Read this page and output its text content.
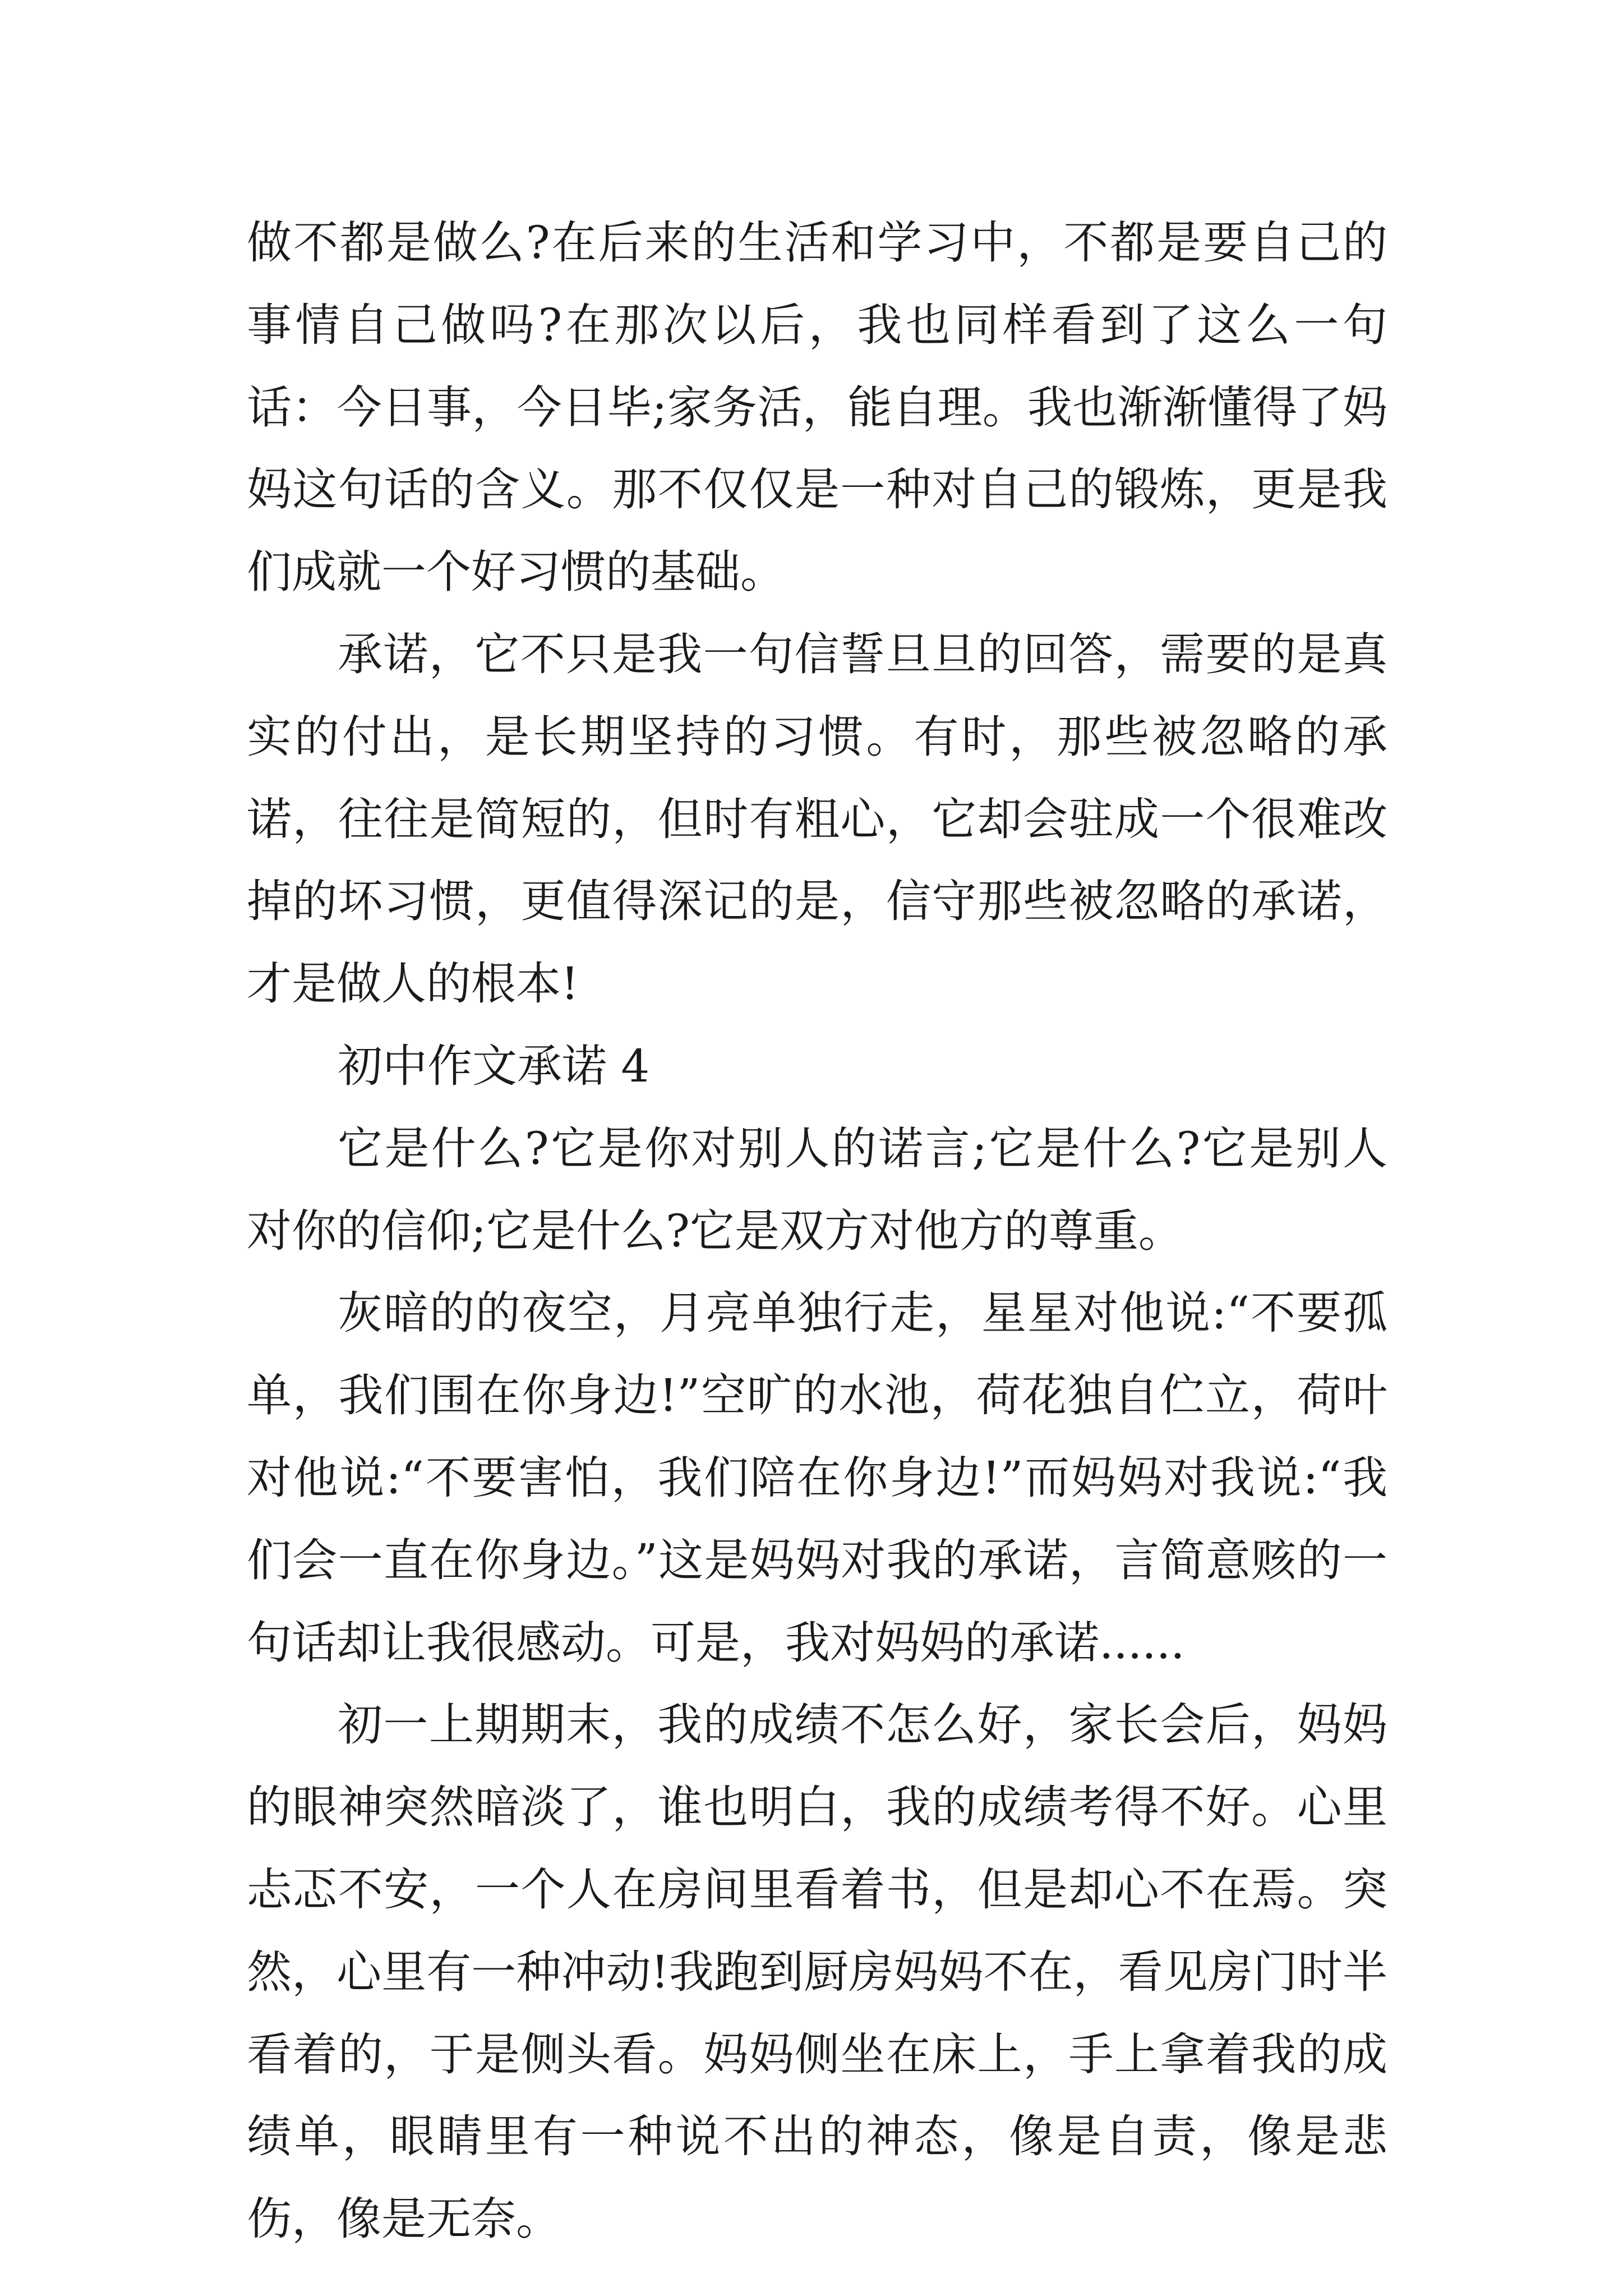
做不都是做么?在后来的生活和学习中，不都是要自己的事情自己做吗?在那次以后，我也同样看到了这么一句话：今日事，今日毕;家务活，能自理。我也渐渐懂得了妈妈这句话的含义。那不仅仅是一种对自己的锻炼，更是我们成就一个好习惯的基础。

承诺，它不只是我一句信誓旦旦的回答，需要的是真实的付出，是长期坚持的习惯。有时，那些被忽略的承诺，往往是简短的，但时有粗心，它却会驻成一个很难改掉的坏习惯，更值得深记的是，信守那些被忽略的承诺，才是做人的根本!

初中作文承诺 4

它是什么?它是你对别人的诺言;它是什么?它是别人对你的信仰;它是什么?它是双方对他方的尊重。

灰暗的的夜空，月亮单独行走，星星对他说:“不要孤单，我们围在你身边!”空旷的水池，荷花独自伫立，荷叶对他说:“不要害怕，我们陪在你身边!”而妈妈对我说:“我们会一直在你身边。”这是妈妈对我的承诺，言简意赅的一句话却让我很感动。可是，我对妈妈的承诺......

初一上期期末，我的成绩不怎么好，家长会后，妈妈的眼神突然暗淡了，谁也明白，我的成绩考得不好。心里忐忑不安，一个人在房间里看着书，但是却心不在焉。突然，心里有一种冲动!我跑到厨房妈妈不在，看见房门时半看着的，于是侧头看。妈妈侧坐在床上，手上拿着我的成绩单，眼睛里有一种说不出的神态，像是自责，像是悲伤，像是无奈。
